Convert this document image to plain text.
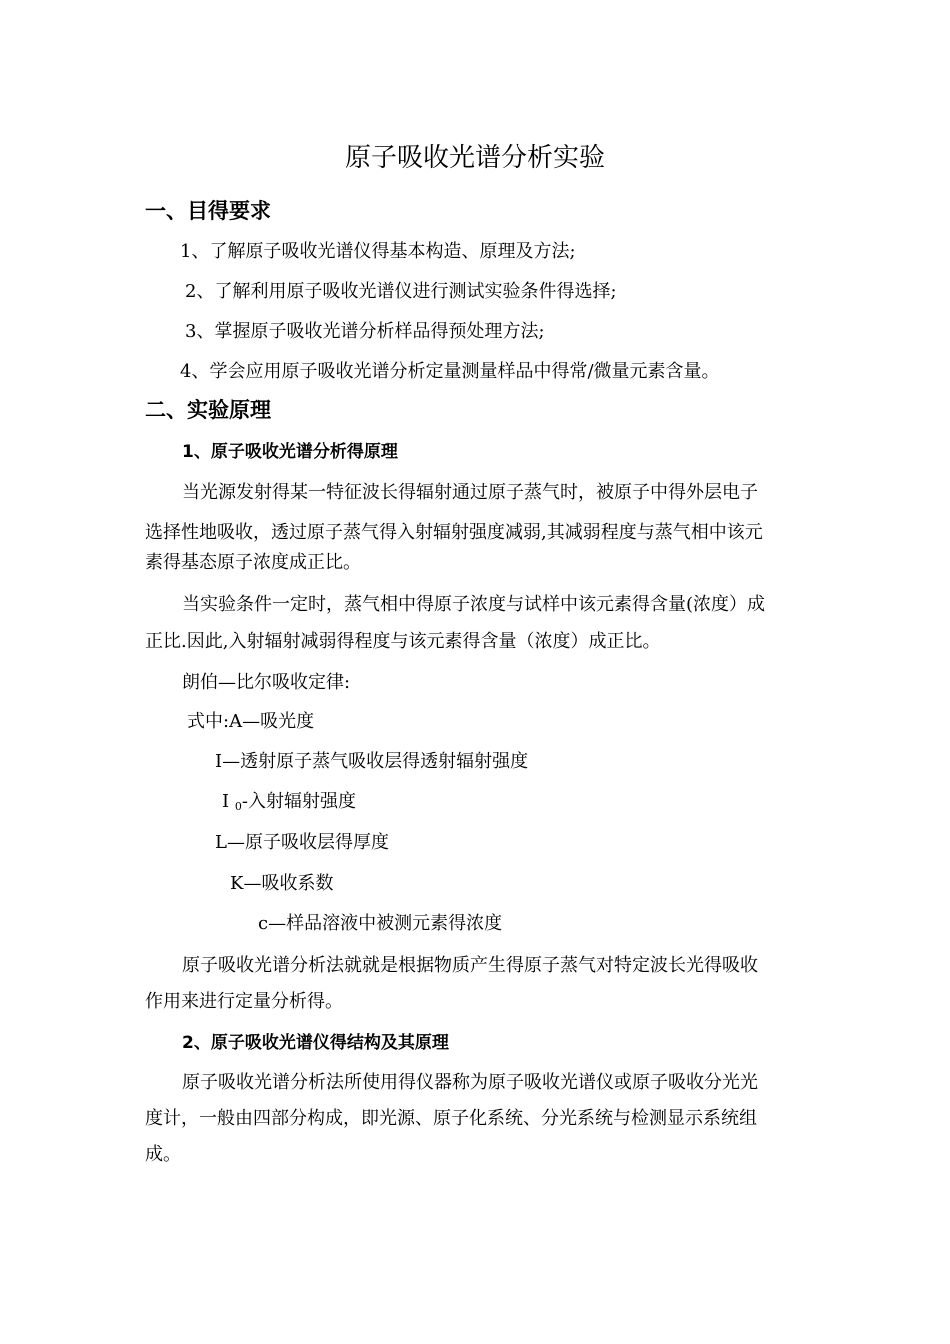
原子吸收光谱分析实验
一、目得要求
1、了解原子吸收光谱仪得基本构造、原理及方法;
2、了解利用原子吸收光谱仪进行测试实验条件得选择;
3、掌握原子吸收光谱分析样品得预处理方法;
4、学会应用原子吸收光谱分析定量测量样品中得常/微量元素含量。
二、实验原理
1、原子吸收光谱分析得原理
当光源发射得某一特征波长得辐射通过原子蒸气时，被原子中得外层电子
选择性地吸收，透过原子蒸气得入射辐射强度减弱,其减弱程度与蒸气相中该元
素得基态原子浓度成正比。
当实验条件一定时，蒸气相中得原子浓度与试样中该元素得含量(浓度）成
正比.因此,入射辐射减弱得程度与该元素得含量（浓度）成正比。
朗伯—比尔吸收定律:
式中:A—吸光度
I—透射原子蒸气吸收层得透射辐射强度
I $_0$-入射辐射强度
L—原子吸收层得厚度
K—吸收系数
c—样品溶液中被测元素得浓度
原子吸收光谱分析法就就是根据物质产生得原子蒸气对特定波长光得吸收
作用来进行定量分析得。
2、原子吸收光谱仪得结构及其原理
原子吸收光谱分析法所使用得仪器称为原子吸收光谱仪或原子吸收分光光
度计，一般由四部分构成，即光源、原子化系统、分光系统与检测显示系统组
成。
